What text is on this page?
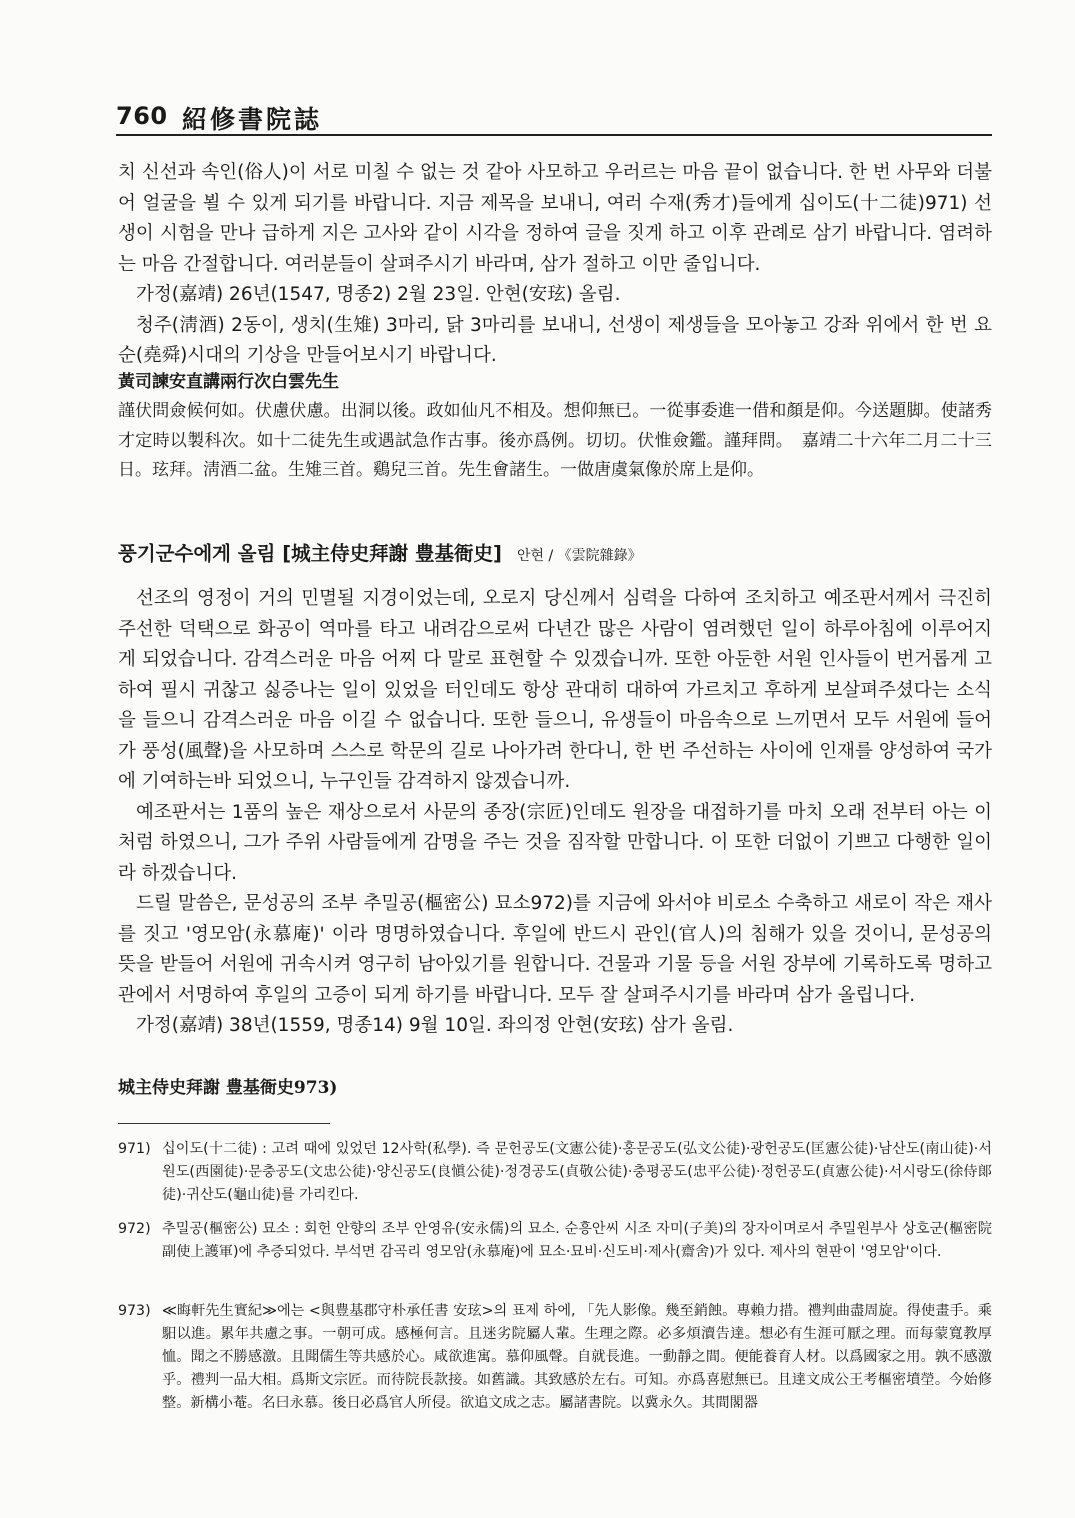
760 紹修書院誌

치 신선과 속인(俗人)이 서로 미칠 수 없는 것 같아 사모하고 우러르는 마음 끝이 없습니다. 한 번 사무와 더불어 얼굴을 뵐 수 있게 되기를 바랍니다. 지금 제목을 보내니, 여러 수재(秀才)들에게 십이도(十二徒)971) 선생이 시험을 만나 급하게 지은 고사와 같이 시각을 정하여 글을 짓게 하고 이후 관례로 삼기 바랍니다. 염려하는 마음 간절합니다. 여러분들이 살펴주시기 바라며, 삼가 절하고 이만 줄입니다.

가정(嘉靖) 26년(1547, 명종2) 2월 23일. 안현(安玹) 올림.

청주(淸酒) 2동이, 생치(生雉) 3마리, 닭 3마리를 보내니, 선생이 제생들을 모아놓고 강좌 위에서 한 번 요순(堯舜)시대의 기상을 만들어보시기 바랍니다.

黃司諫安直講兩行次白雲先生

謹伏問僉候何如。伏慮伏慮。出洞以後。政如仙凡不相及。想仰無已。一從事委進一借和顏是仰。今送題脚。使諸秀才定時以製科次。如十二徒先生或遇試急作古事。後亦爲例。切切。伏惟僉鑑。謹拜問。　嘉靖二十六年二月二十三日。玹拜。淸酒二盆。生雉三首。鷄兒三首。先生會諸生。一做唐虞氣像於席上是仰。

풍기군수에게 올림 [城主侍史拜謝 豊基衙史] 안현 / 《雲院雜錄》

선조의 영정이 거의 민멸될 지경이었는데, 오로지 당신께서 심력을 다하여 조치하고 예조판서께서 극진히 주선한 덕택으로 화공이 역마를 타고 내려감으로써 다년간 많은 사람이 염려했던 일이 하루아침에 이루어지게 되었습니다. 감격스러운 마음 어찌 다 말로 표현할 수 있겠습니까. 또한 아둔한 서원 인사들이 번거롭게 고하여 필시 귀찮고 싫증나는 일이 있었을 터인데도 항상 관대히 대하여 가르치고 후하게 보살펴주셨다는 소식을 들으니 감격스러운 마음 이길 수 없습니다. 또한 들으니, 유생들이 마음속으로 느끼면서 모두 서원에 들어가 풍성(風聲)을 사모하며 스스로 학문의 길로 나아가려 한다니, 한 번 주선하는 사이에 인재를 양성하여 국가에 기여하는바 되었으니, 누구인들 감격하지 않겠습니까.

예조판서는 1품의 높은 재상으로서 사문의 종장(宗匠)인데도 원장을 대접하기를 마치 오래 전부터 아는 이처럼 하였으니, 그가 주위 사람들에게 감명을 주는 것을 짐작할 만합니다. 이 또한 더없이 기쁘고 다행한 일이라 하겠습니다.

드릴 말씀은, 문성공의 조부 추밀공(樞密公) 묘소972)를 지금에 와서야 비로소 수축하고 새로이 작은 재사를 짓고 '영모암(永慕庵)' 이라 명명하였습니다. 후일에 반드시 관인(官人)의 침해가 있을 것이니, 문성공의 뜻을 받들어 서원에 귀속시켜 영구히 남아있기를 원합니다. 건물과 기물 등을 서원 장부에 기록하도록 명하고 관에서 서명하여 후일의 고증이 되게 하기를 바랍니다. 모두 잘 살펴주시기를 바라며 삼가 올립니다.

가정(嘉靖) 38년(1559, 명종14) 9월 10일. 좌의정 안현(安玹) 삼가 올림.

城主侍史拜謝 豊基衙史973)

971) 십이도(十二徒) : 고려 때에 있었던 12사학(私學). 즉 문헌공도(文憲公徒)·홍문공도(弘文公徒)·광헌공도(匡憲公徒)·남산도(南山徒)·서원도(西園徒)·문충공도(文忠公徒)·양신공도(良愼公徒)·정경공도(貞敬公徒)·충평공도(忠平公徒)·정헌공도(貞憲公徒)·서시랑도(徐侍郞徒)·귀산도(龜山徒)를 가리킨다.
972) 추밀공(樞密公) 묘소 : 회헌 안향의 조부 안영유(安永儒)의 묘소. 순흥안씨 시조 자미(子美)의 장자이며로서 추밀원부사 상호군(樞密院副使上護軍)에 추증되었다. 부석면 감곡리 영모암(永慕庵)에 묘소·묘비·신도비·제사(齋舍)가 있다. 제사의 현판이 '영모암'이다.
973) ≪晦軒先生實紀≫에는 <與豊基郡守朴承任書 安玹>의 표제 하에, 「先人影像。幾至銷蝕。專賴力措。禮判曲盡周旋。得使畫手。乘馹以進。累年共慮之事。一朝可成。感極何言。且迷劣院屬人輩。生理之際。必多煩瀆告達。想必有生涯可厭之理。而每蒙寬教厚恤。聞之不勝感激。且聞儒生等共感於心。咸欲進寓。慕仰風聲。自就長進。一動靜之間。便能養育人材。以爲國家之用。孰不感激乎。禮判一品大相。爲斯文宗匠。而待院長款接。如舊識。其致感於左右。可知。亦爲喜慰無已。且達文成公王考樞密墳塋。今始修整。新構小菴。名曰永慕。後日必爲官人所侵。欲追文成之志。屬諸書院。以冀永久。其間閣器
